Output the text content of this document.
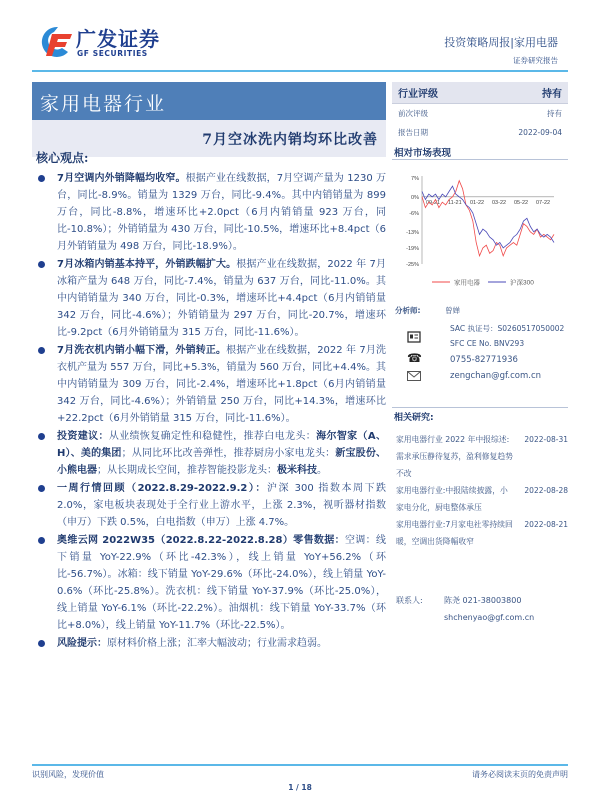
广发证券
GF SECURITIES
投资策略周报|家用电器
证券研究报告
家用电器行业
7月空冰洗内销均环比改善
行业评级	持有
前次评级	持有
报告日期	2022-09-04
核心观点:
7月空调内外销降幅均收窄。根据产业在线数据，7月空调产量为 1230 万台，同比-8.9%。销量为 1329 万台，同比-9.4%。其中内销销量为 899 万台，同比-8.8%，增速环比+2.0pct（6月内销销量 923 万台，同比-10.8%）；外销销量为 430 万台，同比-10.5%，增速环比+8.4pct（6月外销销量为 498 万台，同比-18.9%）。
7月冰箱内销基本持平，外销跌幅扩大。根据产业在线数据，2022 年 7月冰箱产量为 648 万台，同比-7.4%，销量为 637 万台，同比-11.0%。其中内销销量为 340 万台，同比-0.3%，增速环比+4.4pct（6月内销销量 342 万台，同比-4.6%）；外销销量为 297 万台，同比-20.7%，增速环比-9.2pct（6月外销销量为 315 万台，同比-11.6%）。
7月洗衣机内销小幅下滑，外销转正。根据产业在线数据，2022 年 7月洗衣机产量为 557 万台，同比+5.3%，销量为 560 万台，同比+4.4%。其中内销销量为 309 万台，同比-2.4%，增速环比+1.8pct（6月内销销量 342 万台，同比-4.6%）；外销销量 250 万台，同比+14.3%，增速环比+22.2pct（6月外销销量 315 万台，同比-11.6%）。
投资建议：从业绩恢复确定性和稳健性，推荐白电龙头：海尔智家（A、H）、美的集团；从同比环比改善弹性，推荐厨房小家电龙头：新宝股份、小熊电器；从长期成长空间，推荐智能投影龙头：极米科技。
一周行情回顾（2022.8.29-2022.9.2）：沪深 300 指数本周下跌 2.0%，家电板块表现处于全行业上游水平，上涨 2.3%，视听器材指数（申万）下跌 0.5%，白电指数（申万）上涨 4.7%。
奥维云网 2022W35（2022.8.22-2022.8.28）零售数据：空调：线下销量 YoY-22.9%（环比-42.3%），线上销量 YoY+56.2%（环比-56.7%）。冰箱：线下销量 YoY-29.6%（环比-24.0%），线上销量 YoY-0.6%（环比-25.8%）。洗衣机：线下销量 YoY-37.9%（环比-25.0%），线上销量 YoY-6.1%（环比-22.2%）。油烟机：线下销量 YoY-33.7%（环比+8.0%），线上销量 YoY-11.7%（环比-22.5%）。
风险提示：原材料价格上涨；汇率大幅波动；行业需求趋弱。
相对市场表现
7%
0%
-6%
-13%
-19%
-25%
09-21 11-21 01-22 03-22 05-22 07-22
家用电器	沪深300
分析师:	曾婵
SAC 执证号：S0260517050002
SFC CE No. BNV293
☎	0755-82771936
zengchan@gf.com.cn
相关研究:
家用电器行业 2022 年中报综述:需求承压静待复苏，盈利修复趋势不改
2022-08-31
家用电器行业:中报陆续披露，小家电分化，厨电整体承压
2022-08-28
家用电器行业:7月家电社零持续回暖，空调出货降幅收窄
2022-08-21
联系人:	陈尧 021-38003800
shchenyao@gf.com.cn
识别风险，发现价值	请务必阅读末页的免责声明
1 / 18
